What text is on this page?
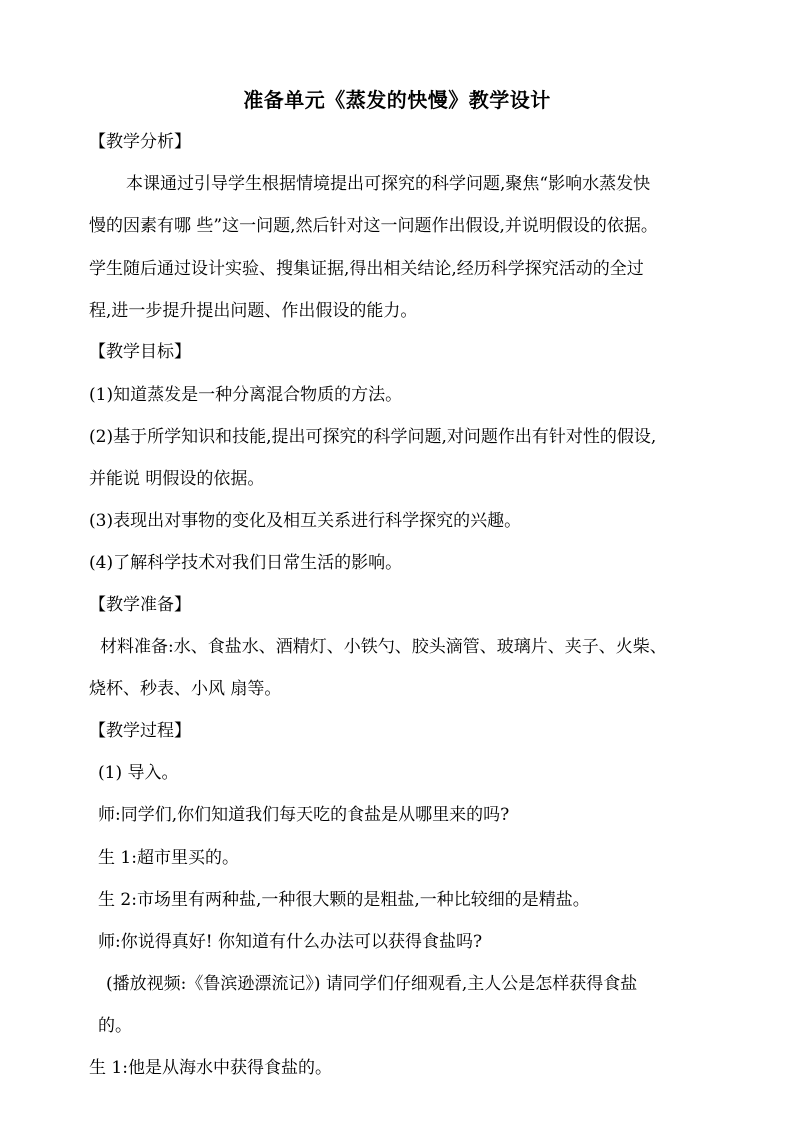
准备单元《蒸发的快慢》教学设计
【教学分析】
本课通过引导学生根据情境提出可探究的科学问题,聚焦“影响水蒸发快
慢的因素有哪 些”这一问题,然后针对这一问题作出假设,并说明假设的依据。
学生随后通过设计实验、搜集证据,得出相关结论,经历科学探究活动的全过
程,进一步提升提出问题、作出假设的能力。
【教学目标】
(1)知道蒸发是一种分离混合物质的方法。
(2)基于所学知识和技能,提出可探究的科学问题,对问题作出有针对性的假设,
并能说 明假设的依据。
(3)表现出对事物的变化及相互关系进行科学探究的兴趣。
(4)了解科学技术对我们日常生活的影响。
【教学准备】
材料准备:水、食盐水、酒精灯、小铁勺、胶头滴管、玻璃片、夹子、火柴、
烧杯、秒表、小风 扇等。
【教学过程】
(1) 导入。
师:同学们,你们知道我们每天吃的食盐是从哪里来的吗?
生 1:超市里买的。
生 2:市场里有两种盐,一种很大颗的是粗盐,一种比较细的是精盐。
师:你说得真好! 你知道有什么办法可以获得食盐吗?
(播放视频:《鲁滨逊漂流记》) 请同学们仔细观看,主人公是怎样获得食盐
的。
生 1:他是从海水中获得食盐的。
